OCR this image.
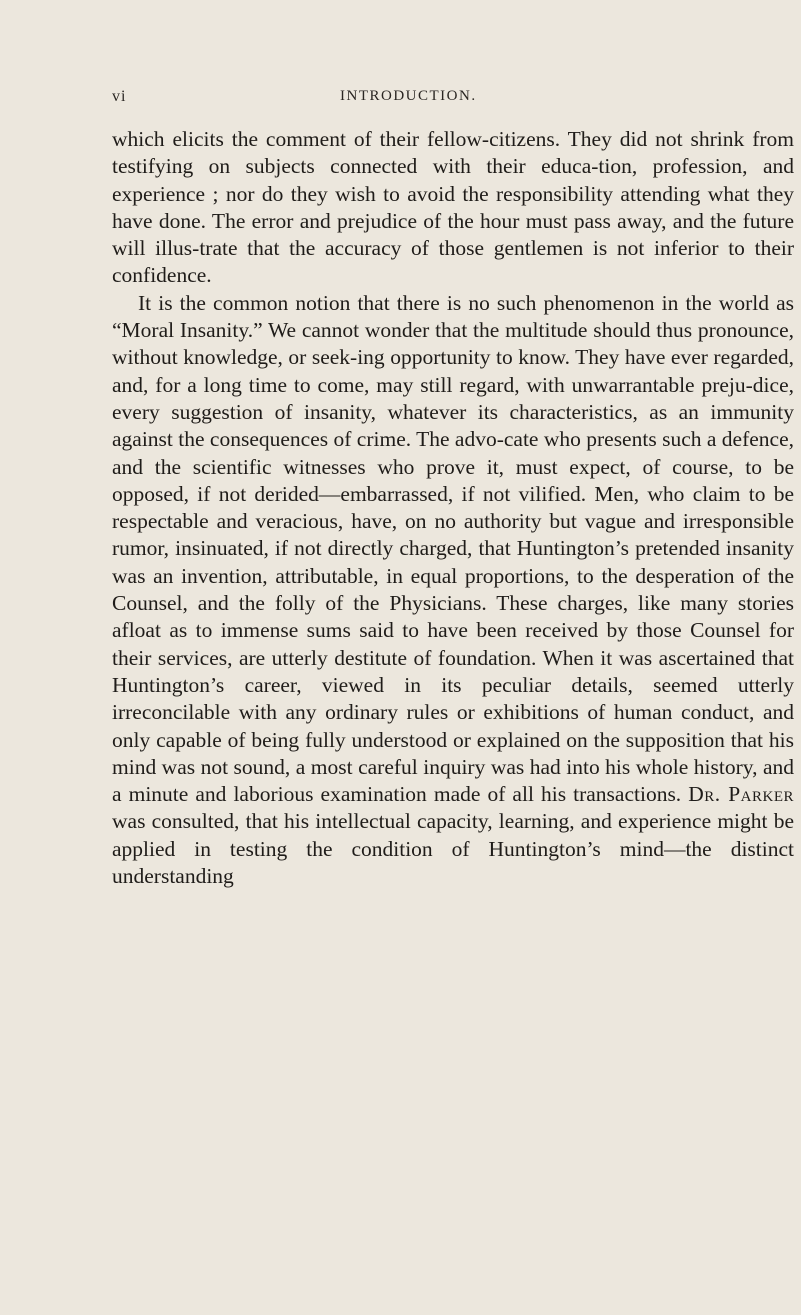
vi	INTRODUCTION.

which elicits the comment of their fellow-citizens. They did not shrink from testifying on subjects connected with their educa-tion, profession, and experience ; nor do they wish to avoid the responsibility attending what they have done. The error and prejudice of the hour must pass away, and the future will illus-trate that the accuracy of those gentlemen is not inferior to their confidence.

It is the common notion that there is no such phenomenon in the world as “Moral Insanity.” We cannot wonder that the multitude should thus pronounce, without knowledge, or seek-ing opportunity to know. They have ever regarded, and, for a long time to come, may still regard, with unwarrantable preju-dice, every suggestion of insanity, whatever its characteristics, as an immunity against the consequences of crime. The advo-cate who presents such a defence, and the scientific witnesses who prove it, must expect, of course, to be opposed, if not derided—embarrassed, if not vilified. Men, who claim to be respectable and veracious, have, on no authority but vague and irresponsible rumor, insinuated, if not directly charged, that Huntington’s pretended insanity was an invention, attributable, in equal proportions, to the desperation of the Counsel, and the folly of the Physicians. These charges, like many stories afloat as to immense sums said to have been received by those Counsel for their services, are utterly destitute of foundation. When it was ascertained that Huntington’s career, viewed in its peculiar details, seemed utterly irreconcilable with any ordinary rules or exhibitions of human conduct, and only capable of being fully understood or explained on the supposition that his mind was not sound, a most careful inquiry was had into his whole history, and a minute and laborious examination made of all his transactions. Dr. Parker was consulted, that his intellectual capacity, learning, and experience might be applied in testing the condition of Huntington’s mind—the distinct understanding
